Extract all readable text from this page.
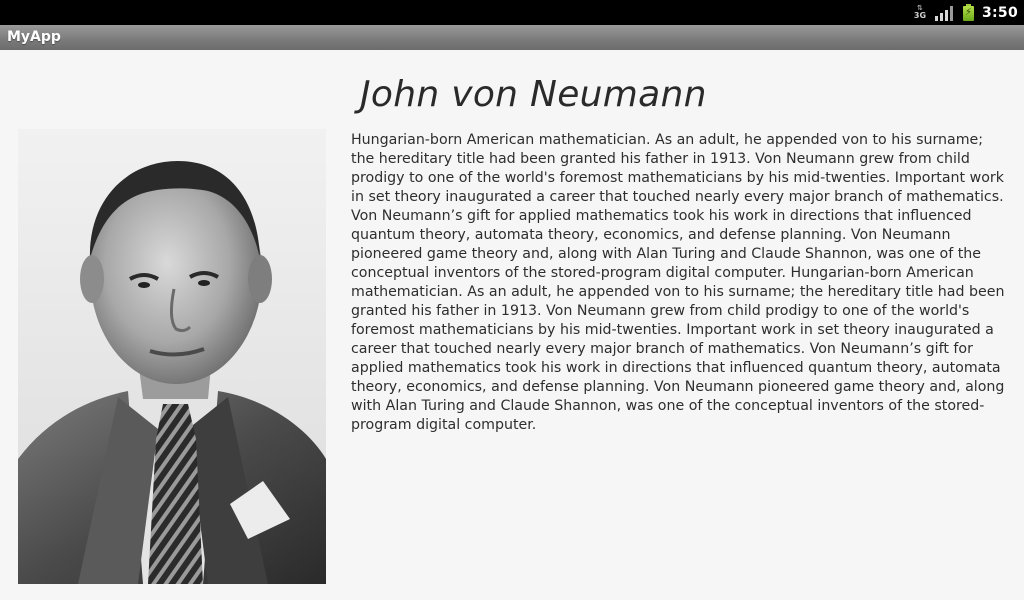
⇅
3G	⚡ 3:50
MyApp
John von Neumann

Hungarian-born American mathematician. As an adult, he appended von to his surname; the hereditary title had been granted his father in 1913. Von Neumann grew from child prodigy to one of the world's foremost mathematicians by his mid-twenties. Important work in set theory inaugurated a career that touched nearly every major branch of mathematics. Von Neumann’s gift for applied mathematics took his work in directions that influenced quantum theory, automata theory, economics, and defense planning. Von Neumann pioneered game theory and, along with Alan Turing and Claude Shannon, was one of the conceptual inventors of the stored-program digital computer. Hungarian-born American mathematician. As an adult, he appended von to his surname; the hereditary title had been granted his father in 1913. Von Neumann grew from child prodigy to one of the world's foremost mathematicians by his mid-twenties. Important work in set theory inaugurated a career that touched nearly every major branch of mathematics. Von Neumann’s gift for applied mathematics took his work in directions that influenced quantum theory, automata theory, economics, and defense planning. Von Neumann pioneered game theory and, along with Alan Turing and Claude Shannon, was one of the conceptual inventors of the stored-program digital computer.
